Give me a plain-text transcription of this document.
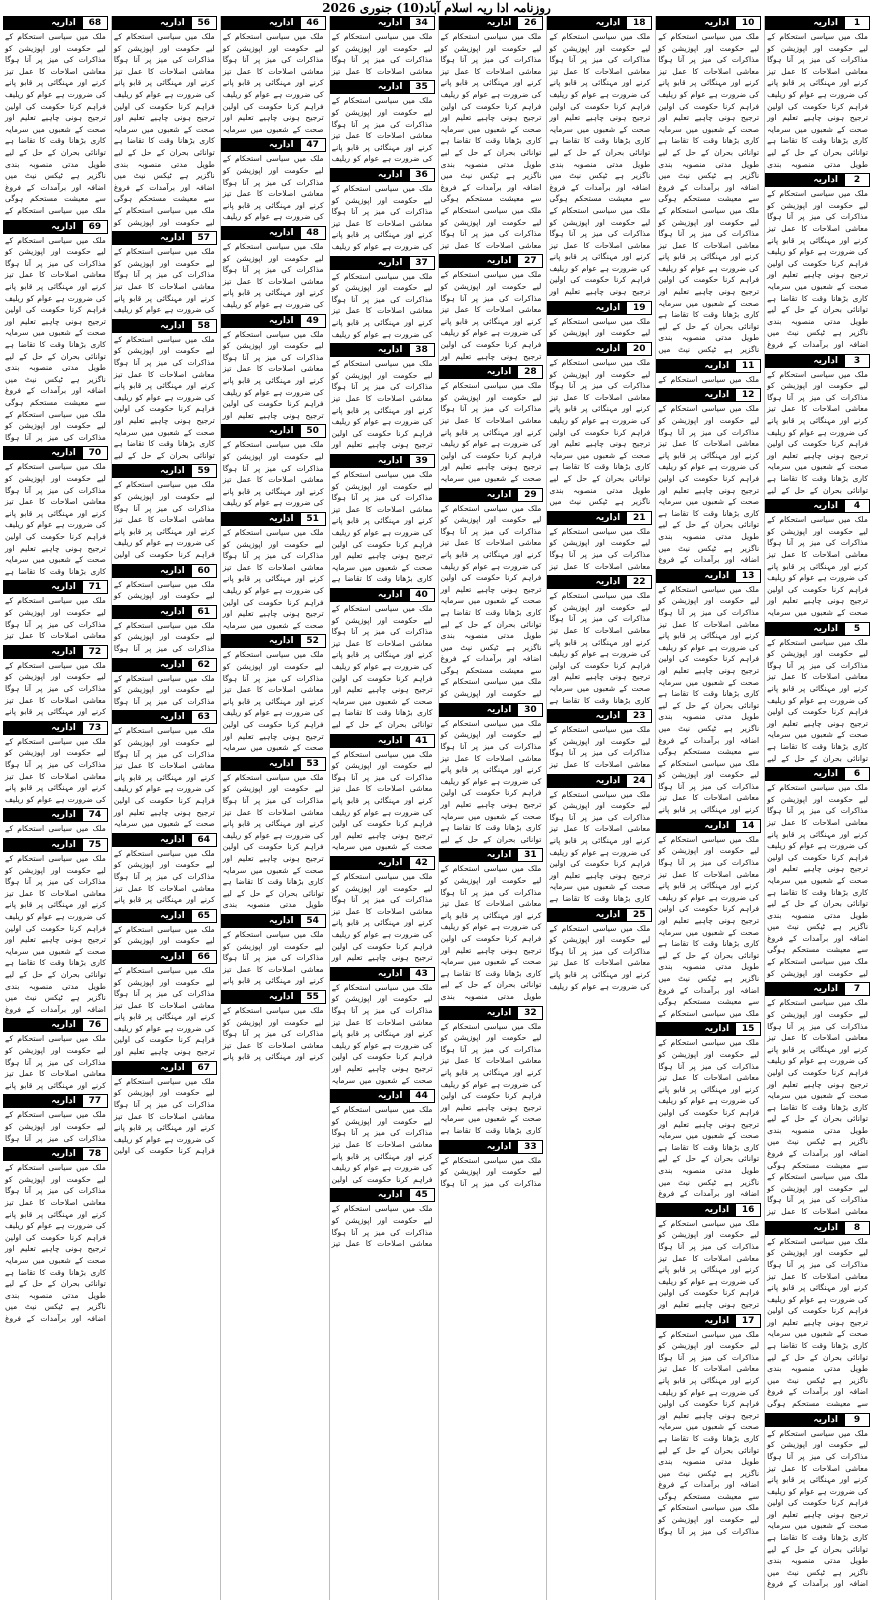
روزنامہ ادا ریہ اسلام آباد(10) جنوری 2026
1
اداریہ
ملک میں سیاسی استحکام کے لیے حکومت اور اپوزیشن کو مذاکرات کی میز پر آنا ہوگا معاشی اصلاحات کا عمل تیز کرنے اور مہنگائی پر قابو پانے کی ضرورت ہے عوام کو ریلیف فراہم کرنا حکومت کی اولین ترجیح ہونی چاہیے تعلیم اور صحت کے شعبوں میں سرمایہ کاری بڑھانا وقت کا تقاضا ہے توانائی بحران کے حل کے لیے طویل مدتی منصوبہ بندی
2
اداریہ
ملک میں سیاسی استحکام کے لیے حکومت اور اپوزیشن کو مذاکرات کی میز پر آنا ہوگا معاشی اصلاحات کا عمل تیز کرنے اور مہنگائی پر قابو پانے کی ضرورت ہے عوام کو ریلیف فراہم کرنا حکومت کی اولین ترجیح ہونی چاہیے تعلیم اور صحت کے شعبوں میں سرمایہ کاری بڑھانا وقت کا تقاضا ہے توانائی بحران کے حل کے لیے طویل مدتی منصوبہ بندی ناگزیر ہے ٹیکس نیٹ میں اضافہ اور برآمدات کے فروغ
3
اداریہ
ملک میں سیاسی استحکام کے لیے حکومت اور اپوزیشن کو مذاکرات کی میز پر آنا ہوگا معاشی اصلاحات کا عمل تیز کرنے اور مہنگائی پر قابو پانے کی ضرورت ہے عوام کو ریلیف فراہم کرنا حکومت کی اولین ترجیح ہونی چاہیے تعلیم اور صحت کے شعبوں میں سرمایہ کاری بڑھانا وقت کا تقاضا ہے توانائی بحران کے حل کے لیے
4
اداریہ
ملک میں سیاسی استحکام کے لیے حکومت اور اپوزیشن کو مذاکرات کی میز پر آنا ہوگا معاشی اصلاحات کا عمل تیز کرنے اور مہنگائی پر قابو پانے کی ضرورت ہے عوام کو ریلیف فراہم کرنا حکومت کی اولین ترجیح ہونی چاہیے تعلیم اور صحت کے شعبوں میں سرمایہ
5
اداریہ
ملک میں سیاسی استحکام کے لیے حکومت اور اپوزیشن کو مذاکرات کی میز پر آنا ہوگا معاشی اصلاحات کا عمل تیز کرنے اور مہنگائی پر قابو پانے کی ضرورت ہے عوام کو ریلیف فراہم کرنا حکومت کی اولین ترجیح ہونی چاہیے تعلیم اور صحت کے شعبوں میں سرمایہ کاری بڑھانا وقت کا تقاضا ہے توانائی بحران کے حل کے لیے
6
اداریہ
ملک میں سیاسی استحکام کے لیے حکومت اور اپوزیشن کو مذاکرات کی میز پر آنا ہوگا معاشی اصلاحات کا عمل تیز کرنے اور مہنگائی پر قابو پانے کی ضرورت ہے عوام کو ریلیف فراہم کرنا حکومت کی اولین ترجیح ہونی چاہیے تعلیم اور صحت کے شعبوں میں سرمایہ کاری بڑھانا وقت کا تقاضا ہے توانائی بحران کے حل کے لیے طویل مدتی منصوبہ بندی ناگزیر ہے ٹیکس نیٹ میں اضافہ اور برآمدات کے فروغ سے معیشت مستحکم ہوگی ملک میں سیاسی استحکام کے لیے حکومت اور اپوزیشن کو
7
اداریہ
ملک میں سیاسی استحکام کے لیے حکومت اور اپوزیشن کو مذاکرات کی میز پر آنا ہوگا معاشی اصلاحات کا عمل تیز کرنے اور مہنگائی پر قابو پانے کی ضرورت ہے عوام کو ریلیف فراہم کرنا حکومت کی اولین ترجیح ہونی چاہیے تعلیم اور صحت کے شعبوں میں سرمایہ کاری بڑھانا وقت کا تقاضا ہے توانائی بحران کے حل کے لیے طویل مدتی منصوبہ بندی ناگزیر ہے ٹیکس نیٹ میں اضافہ اور برآمدات کے فروغ سے معیشت مستحکم ہوگی ملک میں سیاسی استحکام کے لیے حکومت اور اپوزیشن کو مذاکرات کی میز پر آنا ہوگا معاشی اصلاحات کا عمل تیز
8
اداریہ
ملک میں سیاسی استحکام کے لیے حکومت اور اپوزیشن کو مذاکرات کی میز پر آنا ہوگا معاشی اصلاحات کا عمل تیز کرنے اور مہنگائی پر قابو پانے کی ضرورت ہے عوام کو ریلیف فراہم کرنا حکومت کی اولین ترجیح ہونی چاہیے تعلیم اور صحت کے شعبوں میں سرمایہ کاری بڑھانا وقت کا تقاضا ہے توانائی بحران کے حل کے لیے طویل مدتی منصوبہ بندی ناگزیر ہے ٹیکس نیٹ میں اضافہ اور برآمدات کے فروغ سے معیشت مستحکم ہوگی
9
اداریہ
ملک میں سیاسی استحکام کے لیے حکومت اور اپوزیشن کو مذاکرات کی میز پر آنا ہوگا معاشی اصلاحات کا عمل تیز کرنے اور مہنگائی پر قابو پانے کی ضرورت ہے عوام کو ریلیف فراہم کرنا حکومت کی اولین ترجیح ہونی چاہیے تعلیم اور صحت کے شعبوں میں سرمایہ کاری بڑھانا وقت کا تقاضا ہے توانائی بحران کے حل کے لیے طویل مدتی منصوبہ بندی ناگزیر ہے ٹیکس نیٹ میں اضافہ اور برآمدات کے فروغ
10
اداریہ
ملک میں سیاسی استحکام کے لیے حکومت اور اپوزیشن کو مذاکرات کی میز پر آنا ہوگا معاشی اصلاحات کا عمل تیز کرنے اور مہنگائی پر قابو پانے کی ضرورت ہے عوام کو ریلیف فراہم کرنا حکومت کی اولین ترجیح ہونی چاہیے تعلیم اور صحت کے شعبوں میں سرمایہ کاری بڑھانا وقت کا تقاضا ہے توانائی بحران کے حل کے لیے طویل مدتی منصوبہ بندی ناگزیر ہے ٹیکس نیٹ میں اضافہ اور برآمدات کے فروغ سے معیشت مستحکم ہوگی ملک میں سیاسی استحکام کے لیے حکومت اور اپوزیشن کو مذاکرات کی میز پر آنا ہوگا معاشی اصلاحات کا عمل تیز کرنے اور مہنگائی پر قابو پانے کی ضرورت ہے عوام کو ریلیف فراہم کرنا حکومت کی اولین ترجیح ہونی چاہیے تعلیم اور صحت کے شعبوں میں سرمایہ کاری بڑھانا وقت کا تقاضا ہے توانائی بحران کے حل کے لیے طویل مدتی منصوبہ بندی ناگزیر ہے ٹیکس نیٹ میں
11
اداریہ
ملک میں سیاسی استحکام کے
12
اداریہ
ملک میں سیاسی استحکام کے لیے حکومت اور اپوزیشن کو مذاکرات کی میز پر آنا ہوگا معاشی اصلاحات کا عمل تیز کرنے اور مہنگائی پر قابو پانے کی ضرورت ہے عوام کو ریلیف فراہم کرنا حکومت کی اولین ترجیح ہونی چاہیے تعلیم اور صحت کے شعبوں میں سرمایہ کاری بڑھانا وقت کا تقاضا ہے توانائی بحران کے حل کے لیے طویل مدتی منصوبہ بندی ناگزیر ہے ٹیکس نیٹ میں اضافہ اور برآمدات کے فروغ
13
اداریہ
ملک میں سیاسی استحکام کے لیے حکومت اور اپوزیشن کو مذاکرات کی میز پر آنا ہوگا معاشی اصلاحات کا عمل تیز کرنے اور مہنگائی پر قابو پانے کی ضرورت ہے عوام کو ریلیف فراہم کرنا حکومت کی اولین ترجیح ہونی چاہیے تعلیم اور صحت کے شعبوں میں سرمایہ کاری بڑھانا وقت کا تقاضا ہے توانائی بحران کے حل کے لیے طویل مدتی منصوبہ بندی ناگزیر ہے ٹیکس نیٹ میں اضافہ اور برآمدات کے فروغ سے معیشت مستحکم ہوگی ملک میں سیاسی استحکام کے لیے حکومت اور اپوزیشن کو مذاکرات کی میز پر آنا ہوگا معاشی اصلاحات کا عمل تیز کرنے اور مہنگائی پر قابو پانے
14
اداریہ
ملک میں سیاسی استحکام کے لیے حکومت اور اپوزیشن کو مذاکرات کی میز پر آنا ہوگا معاشی اصلاحات کا عمل تیز کرنے اور مہنگائی پر قابو پانے کی ضرورت ہے عوام کو ریلیف فراہم کرنا حکومت کی اولین ترجیح ہونی چاہیے تعلیم اور صحت کے شعبوں میں سرمایہ کاری بڑھانا وقت کا تقاضا ہے توانائی بحران کے حل کے لیے طویل مدتی منصوبہ بندی ناگزیر ہے ٹیکس نیٹ میں اضافہ اور برآمدات کے فروغ سے معیشت مستحکم ہوگی ملک میں سیاسی استحکام کے
15
اداریہ
ملک میں سیاسی استحکام کے لیے حکومت اور اپوزیشن کو مذاکرات کی میز پر آنا ہوگا معاشی اصلاحات کا عمل تیز کرنے اور مہنگائی پر قابو پانے کی ضرورت ہے عوام کو ریلیف فراہم کرنا حکومت کی اولین ترجیح ہونی چاہیے تعلیم اور صحت کے شعبوں میں سرمایہ کاری بڑھانا وقت کا تقاضا ہے توانائی بحران کے حل کے لیے طویل مدتی منصوبہ بندی ناگزیر ہے ٹیکس نیٹ میں اضافہ اور برآمدات کے فروغ
16
اداریہ
ملک میں سیاسی استحکام کے لیے حکومت اور اپوزیشن کو مذاکرات کی میز پر آنا ہوگا معاشی اصلاحات کا عمل تیز کرنے اور مہنگائی پر قابو پانے کی ضرورت ہے عوام کو ریلیف فراہم کرنا حکومت کی اولین ترجیح ہونی چاہیے تعلیم اور
17
اداریہ
ملک میں سیاسی استحکام کے لیے حکومت اور اپوزیشن کو مذاکرات کی میز پر آنا ہوگا معاشی اصلاحات کا عمل تیز کرنے اور مہنگائی پر قابو پانے کی ضرورت ہے عوام کو ریلیف فراہم کرنا حکومت کی اولین ترجیح ہونی چاہیے تعلیم اور صحت کے شعبوں میں سرمایہ کاری بڑھانا وقت کا تقاضا ہے توانائی بحران کے حل کے لیے طویل مدتی منصوبہ بندی ناگزیر ہے ٹیکس نیٹ میں اضافہ اور برآمدات کے فروغ سے معیشت مستحکم ہوگی ملک میں سیاسی استحکام کے لیے حکومت اور اپوزیشن کو مذاکرات کی میز پر آنا ہوگا
18
اداریہ
ملک میں سیاسی استحکام کے لیے حکومت اور اپوزیشن کو مذاکرات کی میز پر آنا ہوگا معاشی اصلاحات کا عمل تیز کرنے اور مہنگائی پر قابو پانے کی ضرورت ہے عوام کو ریلیف فراہم کرنا حکومت کی اولین ترجیح ہونی چاہیے تعلیم اور صحت کے شعبوں میں سرمایہ کاری بڑھانا وقت کا تقاضا ہے توانائی بحران کے حل کے لیے طویل مدتی منصوبہ بندی ناگزیر ہے ٹیکس نیٹ میں اضافہ اور برآمدات کے فروغ سے معیشت مستحکم ہوگی ملک میں سیاسی استحکام کے لیے حکومت اور اپوزیشن کو مذاکرات کی میز پر آنا ہوگا معاشی اصلاحات کا عمل تیز کرنے اور مہنگائی پر قابو پانے کی ضرورت ہے عوام کو ریلیف فراہم کرنا حکومت کی اولین ترجیح ہونی چاہیے تعلیم اور
19
اداریہ
ملک میں سیاسی استحکام کے لیے حکومت اور اپوزیشن کو
20
اداریہ
ملک میں سیاسی استحکام کے لیے حکومت اور اپوزیشن کو مذاکرات کی میز پر آنا ہوگا معاشی اصلاحات کا عمل تیز کرنے اور مہنگائی پر قابو پانے کی ضرورت ہے عوام کو ریلیف فراہم کرنا حکومت کی اولین ترجیح ہونی چاہیے تعلیم اور صحت کے شعبوں میں سرمایہ کاری بڑھانا وقت کا تقاضا ہے توانائی بحران کے حل کے لیے طویل مدتی منصوبہ بندی ناگزیر ہے ٹیکس نیٹ میں
21
اداریہ
ملک میں سیاسی استحکام کے لیے حکومت اور اپوزیشن کو مذاکرات کی میز پر آنا ہوگا معاشی اصلاحات کا عمل تیز
22
اداریہ
ملک میں سیاسی استحکام کے لیے حکومت اور اپوزیشن کو مذاکرات کی میز پر آنا ہوگا معاشی اصلاحات کا عمل تیز کرنے اور مہنگائی پر قابو پانے کی ضرورت ہے عوام کو ریلیف فراہم کرنا حکومت کی اولین ترجیح ہونی چاہیے تعلیم اور صحت کے شعبوں میں سرمایہ کاری بڑھانا وقت کا تقاضا ہے
23
اداریہ
ملک میں سیاسی استحکام کے لیے حکومت اور اپوزیشن کو مذاکرات کی میز پر آنا ہوگا معاشی اصلاحات کا عمل تیز
24
اداریہ
ملک میں سیاسی استحکام کے لیے حکومت اور اپوزیشن کو مذاکرات کی میز پر آنا ہوگا معاشی اصلاحات کا عمل تیز کرنے اور مہنگائی پر قابو پانے کی ضرورت ہے عوام کو ریلیف فراہم کرنا حکومت کی اولین ترجیح ہونی چاہیے تعلیم اور صحت کے شعبوں میں سرمایہ کاری بڑھانا وقت کا تقاضا ہے
25
اداریہ
ملک میں سیاسی استحکام کے لیے حکومت اور اپوزیشن کو مذاکرات کی میز پر آنا ہوگا معاشی اصلاحات کا عمل تیز کرنے اور مہنگائی پر قابو پانے کی ضرورت ہے عوام کو ریلیف
26
اداریہ
ملک میں سیاسی استحکام کے لیے حکومت اور اپوزیشن کو مذاکرات کی میز پر آنا ہوگا معاشی اصلاحات کا عمل تیز کرنے اور مہنگائی پر قابو پانے کی ضرورت ہے عوام کو ریلیف فراہم کرنا حکومت کی اولین ترجیح ہونی چاہیے تعلیم اور صحت کے شعبوں میں سرمایہ کاری بڑھانا وقت کا تقاضا ہے توانائی بحران کے حل کے لیے طویل مدتی منصوبہ بندی ناگزیر ہے ٹیکس نیٹ میں اضافہ اور برآمدات کے فروغ سے معیشت مستحکم ہوگی ملک میں سیاسی استحکام کے لیے حکومت اور اپوزیشن کو مذاکرات کی میز پر آنا ہوگا معاشی اصلاحات کا عمل تیز
27
اداریہ
ملک میں سیاسی استحکام کے لیے حکومت اور اپوزیشن کو مذاکرات کی میز پر آنا ہوگا معاشی اصلاحات کا عمل تیز کرنے اور مہنگائی پر قابو پانے کی ضرورت ہے عوام کو ریلیف فراہم کرنا حکومت کی اولین ترجیح ہونی چاہیے تعلیم اور
28
اداریہ
ملک میں سیاسی استحکام کے لیے حکومت اور اپوزیشن کو مذاکرات کی میز پر آنا ہوگا معاشی اصلاحات کا عمل تیز کرنے اور مہنگائی پر قابو پانے کی ضرورت ہے عوام کو ریلیف فراہم کرنا حکومت کی اولین ترجیح ہونی چاہیے تعلیم اور صحت کے شعبوں میں سرمایہ
29
اداریہ
ملک میں سیاسی استحکام کے لیے حکومت اور اپوزیشن کو مذاکرات کی میز پر آنا ہوگا معاشی اصلاحات کا عمل تیز کرنے اور مہنگائی پر قابو پانے کی ضرورت ہے عوام کو ریلیف فراہم کرنا حکومت کی اولین ترجیح ہونی چاہیے تعلیم اور صحت کے شعبوں میں سرمایہ کاری بڑھانا وقت کا تقاضا ہے توانائی بحران کے حل کے لیے طویل مدتی منصوبہ بندی ناگزیر ہے ٹیکس نیٹ میں اضافہ اور برآمدات کے فروغ سے معیشت مستحکم ہوگی ملک میں سیاسی استحکام کے لیے حکومت اور اپوزیشن کو
30
اداریہ
ملک میں سیاسی استحکام کے لیے حکومت اور اپوزیشن کو مذاکرات کی میز پر آنا ہوگا معاشی اصلاحات کا عمل تیز کرنے اور مہنگائی پر قابو پانے کی ضرورت ہے عوام کو ریلیف فراہم کرنا حکومت کی اولین ترجیح ہونی چاہیے تعلیم اور صحت کے شعبوں میں سرمایہ کاری بڑھانا وقت کا تقاضا ہے توانائی بحران کے حل کے لیے
31
اداریہ
ملک میں سیاسی استحکام کے لیے حکومت اور اپوزیشن کو مذاکرات کی میز پر آنا ہوگا معاشی اصلاحات کا عمل تیز کرنے اور مہنگائی پر قابو پانے کی ضرورت ہے عوام کو ریلیف فراہم کرنا حکومت کی اولین ترجیح ہونی چاہیے تعلیم اور صحت کے شعبوں میں سرمایہ کاری بڑھانا وقت کا تقاضا ہے توانائی بحران کے حل کے لیے طویل مدتی منصوبہ بندی
32
اداریہ
ملک میں سیاسی استحکام کے لیے حکومت اور اپوزیشن کو مذاکرات کی میز پر آنا ہوگا معاشی اصلاحات کا عمل تیز کرنے اور مہنگائی پر قابو پانے کی ضرورت ہے عوام کو ریلیف فراہم کرنا حکومت کی اولین ترجیح ہونی چاہیے تعلیم اور صحت کے شعبوں میں سرمایہ کاری بڑھانا وقت کا تقاضا ہے
33
اداریہ
ملک میں سیاسی استحکام کے لیے حکومت اور اپوزیشن کو مذاکرات کی میز پر آنا ہوگا
34
اداریہ
ملک میں سیاسی استحکام کے لیے حکومت اور اپوزیشن کو مذاکرات کی میز پر آنا ہوگا معاشی اصلاحات کا عمل تیز
35
اداریہ
ملک میں سیاسی استحکام کے لیے حکومت اور اپوزیشن کو مذاکرات کی میز پر آنا ہوگا معاشی اصلاحات کا عمل تیز کرنے اور مہنگائی پر قابو پانے کی ضرورت ہے عوام کو ریلیف
36
اداریہ
ملک میں سیاسی استحکام کے لیے حکومت اور اپوزیشن کو مذاکرات کی میز پر آنا ہوگا معاشی اصلاحات کا عمل تیز کرنے اور مہنگائی پر قابو پانے کی ضرورت ہے عوام کو ریلیف
37
اداریہ
ملک میں سیاسی استحکام کے لیے حکومت اور اپوزیشن کو مذاکرات کی میز پر آنا ہوگا معاشی اصلاحات کا عمل تیز کرنے اور مہنگائی پر قابو پانے کی ضرورت ہے عوام کو ریلیف
38
اداریہ
ملک میں سیاسی استحکام کے لیے حکومت اور اپوزیشن کو مذاکرات کی میز پر آنا ہوگا معاشی اصلاحات کا عمل تیز کرنے اور مہنگائی پر قابو پانے کی ضرورت ہے عوام کو ریلیف فراہم کرنا حکومت کی اولین ترجیح ہونی چاہیے تعلیم اور
39
اداریہ
ملک میں سیاسی استحکام کے لیے حکومت اور اپوزیشن کو مذاکرات کی میز پر آنا ہوگا معاشی اصلاحات کا عمل تیز کرنے اور مہنگائی پر قابو پانے کی ضرورت ہے عوام کو ریلیف فراہم کرنا حکومت کی اولین ترجیح ہونی چاہیے تعلیم اور صحت کے شعبوں میں سرمایہ کاری بڑھانا وقت کا تقاضا ہے
40
اداریہ
ملک میں سیاسی استحکام کے لیے حکومت اور اپوزیشن کو مذاکرات کی میز پر آنا ہوگا معاشی اصلاحات کا عمل تیز کرنے اور مہنگائی پر قابو پانے کی ضرورت ہے عوام کو ریلیف فراہم کرنا حکومت کی اولین ترجیح ہونی چاہیے تعلیم اور صحت کے شعبوں میں سرمایہ کاری بڑھانا وقت کا تقاضا ہے توانائی بحران کے حل کے لیے
41
اداریہ
ملک میں سیاسی استحکام کے لیے حکومت اور اپوزیشن کو مذاکرات کی میز پر آنا ہوگا معاشی اصلاحات کا عمل تیز کرنے اور مہنگائی پر قابو پانے کی ضرورت ہے عوام کو ریلیف فراہم کرنا حکومت کی اولین ترجیح ہونی چاہیے تعلیم اور صحت کے شعبوں میں سرمایہ
42
اداریہ
ملک میں سیاسی استحکام کے لیے حکومت اور اپوزیشن کو مذاکرات کی میز پر آنا ہوگا معاشی اصلاحات کا عمل تیز کرنے اور مہنگائی پر قابو پانے کی ضرورت ہے عوام کو ریلیف فراہم کرنا حکومت کی اولین ترجیح ہونی چاہیے تعلیم اور
43
اداریہ
ملک میں سیاسی استحکام کے لیے حکومت اور اپوزیشن کو مذاکرات کی میز پر آنا ہوگا معاشی اصلاحات کا عمل تیز کرنے اور مہنگائی پر قابو پانے کی ضرورت ہے عوام کو ریلیف فراہم کرنا حکومت کی اولین ترجیح ہونی چاہیے تعلیم اور صحت کے شعبوں میں سرمایہ
44
اداریہ
ملک میں سیاسی استحکام کے لیے حکومت اور اپوزیشن کو مذاکرات کی میز پر آنا ہوگا معاشی اصلاحات کا عمل تیز کرنے اور مہنگائی پر قابو پانے کی ضرورت ہے عوام کو ریلیف فراہم کرنا حکومت کی اولین
45
اداریہ
ملک میں سیاسی استحکام کے لیے حکومت اور اپوزیشن کو مذاکرات کی میز پر آنا ہوگا معاشی اصلاحات کا عمل تیز
46
اداریہ
ملک میں سیاسی استحکام کے لیے حکومت اور اپوزیشن کو مذاکرات کی میز پر آنا ہوگا معاشی اصلاحات کا عمل تیز کرنے اور مہنگائی پر قابو پانے کی ضرورت ہے عوام کو ریلیف فراہم کرنا حکومت کی اولین ترجیح ہونی چاہیے تعلیم اور صحت کے شعبوں میں سرمایہ
47
اداریہ
ملک میں سیاسی استحکام کے لیے حکومت اور اپوزیشن کو مذاکرات کی میز پر آنا ہوگا معاشی اصلاحات کا عمل تیز کرنے اور مہنگائی پر قابو پانے کی ضرورت ہے عوام کو ریلیف
48
اداریہ
ملک میں سیاسی استحکام کے لیے حکومت اور اپوزیشن کو مذاکرات کی میز پر آنا ہوگا معاشی اصلاحات کا عمل تیز کرنے اور مہنگائی پر قابو پانے کی ضرورت ہے عوام کو ریلیف
49
اداریہ
ملک میں سیاسی استحکام کے لیے حکومت اور اپوزیشن کو مذاکرات کی میز پر آنا ہوگا معاشی اصلاحات کا عمل تیز کرنے اور مہنگائی پر قابو پانے کی ضرورت ہے عوام کو ریلیف فراہم کرنا حکومت کی اولین ترجیح ہونی چاہیے تعلیم اور
50
اداریہ
ملک میں سیاسی استحکام کے لیے حکومت اور اپوزیشن کو مذاکرات کی میز پر آنا ہوگا معاشی اصلاحات کا عمل تیز کرنے اور مہنگائی پر قابو پانے کی ضرورت ہے عوام کو ریلیف
51
اداریہ
ملک میں سیاسی استحکام کے لیے حکومت اور اپوزیشن کو مذاکرات کی میز پر آنا ہوگا معاشی اصلاحات کا عمل تیز کرنے اور مہنگائی پر قابو پانے کی ضرورت ہے عوام کو ریلیف فراہم کرنا حکومت کی اولین ترجیح ہونی چاہیے تعلیم اور صحت کے شعبوں میں سرمایہ
52
اداریہ
ملک میں سیاسی استحکام کے لیے حکومت اور اپوزیشن کو مذاکرات کی میز پر آنا ہوگا معاشی اصلاحات کا عمل تیز کرنے اور مہنگائی پر قابو پانے کی ضرورت ہے عوام کو ریلیف فراہم کرنا حکومت کی اولین ترجیح ہونی چاہیے تعلیم اور صحت کے شعبوں میں سرمایہ
53
اداریہ
ملک میں سیاسی استحکام کے لیے حکومت اور اپوزیشن کو مذاکرات کی میز پر آنا ہوگا معاشی اصلاحات کا عمل تیز کرنے اور مہنگائی پر قابو پانے کی ضرورت ہے عوام کو ریلیف فراہم کرنا حکومت کی اولین ترجیح ہونی چاہیے تعلیم اور صحت کے شعبوں میں سرمایہ کاری بڑھانا وقت کا تقاضا ہے توانائی بحران کے حل کے لیے طویل مدتی منصوبہ بندی
54
اداریہ
ملک میں سیاسی استحکام کے لیے حکومت اور اپوزیشن کو مذاکرات کی میز پر آنا ہوگا معاشی اصلاحات کا عمل تیز کرنے اور مہنگائی پر قابو پانے
55
اداریہ
ملک میں سیاسی استحکام کے لیے حکومت اور اپوزیشن کو مذاکرات کی میز پر آنا ہوگا معاشی اصلاحات کا عمل تیز کرنے اور مہنگائی پر قابو پانے
56
اداریہ
ملک میں سیاسی استحکام کے لیے حکومت اور اپوزیشن کو مذاکرات کی میز پر آنا ہوگا معاشی اصلاحات کا عمل تیز کرنے اور مہنگائی پر قابو پانے کی ضرورت ہے عوام کو ریلیف فراہم کرنا حکومت کی اولین ترجیح ہونی چاہیے تعلیم اور صحت کے شعبوں میں سرمایہ کاری بڑھانا وقت کا تقاضا ہے توانائی بحران کے حل کے لیے طویل مدتی منصوبہ بندی ناگزیر ہے ٹیکس نیٹ میں اضافہ اور برآمدات کے فروغ سے معیشت مستحکم ہوگی ملک میں سیاسی استحکام کے لیے حکومت اور اپوزیشن کو
57
اداریہ
ملک میں سیاسی استحکام کے لیے حکومت اور اپوزیشن کو مذاکرات کی میز پر آنا ہوگا معاشی اصلاحات کا عمل تیز کرنے اور مہنگائی پر قابو پانے کی ضرورت ہے عوام کو ریلیف
58
اداریہ
ملک میں سیاسی استحکام کے لیے حکومت اور اپوزیشن کو مذاکرات کی میز پر آنا ہوگا معاشی اصلاحات کا عمل تیز کرنے اور مہنگائی پر قابو پانے کی ضرورت ہے عوام کو ریلیف فراہم کرنا حکومت کی اولین ترجیح ہونی چاہیے تعلیم اور صحت کے شعبوں میں سرمایہ کاری بڑھانا وقت کا تقاضا ہے توانائی بحران کے حل کے لیے
59
اداریہ
ملک میں سیاسی استحکام کے لیے حکومت اور اپوزیشن کو مذاکرات کی میز پر آنا ہوگا معاشی اصلاحات کا عمل تیز کرنے اور مہنگائی پر قابو پانے کی ضرورت ہے عوام کو ریلیف فراہم کرنا حکومت کی اولین
60
اداریہ
ملک میں سیاسی استحکام کے لیے حکومت اور اپوزیشن کو
61
اداریہ
ملک میں سیاسی استحکام کے لیے حکومت اور اپوزیشن کو مذاکرات کی میز پر آنا ہوگا
62
اداریہ
ملک میں سیاسی استحکام کے لیے حکومت اور اپوزیشن کو مذاکرات کی میز پر آنا ہوگا
63
اداریہ
ملک میں سیاسی استحکام کے لیے حکومت اور اپوزیشن کو مذاکرات کی میز پر آنا ہوگا معاشی اصلاحات کا عمل تیز کرنے اور مہنگائی پر قابو پانے کی ضرورت ہے عوام کو ریلیف فراہم کرنا حکومت کی اولین ترجیح ہونی چاہیے تعلیم اور صحت کے شعبوں میں سرمایہ
64
اداریہ
ملک میں سیاسی استحکام کے لیے حکومت اور اپوزیشن کو مذاکرات کی میز پر آنا ہوگا معاشی اصلاحات کا عمل تیز کرنے اور مہنگائی پر قابو پانے
65
اداریہ
ملک میں سیاسی استحکام کے لیے حکومت اور اپوزیشن کو
66
اداریہ
ملک میں سیاسی استحکام کے لیے حکومت اور اپوزیشن کو مذاکرات کی میز پر آنا ہوگا معاشی اصلاحات کا عمل تیز کرنے اور مہنگائی پر قابو پانے کی ضرورت ہے عوام کو ریلیف فراہم کرنا حکومت کی اولین ترجیح ہونی چاہیے تعلیم اور
67
اداریہ
ملک میں سیاسی استحکام کے لیے حکومت اور اپوزیشن کو مذاکرات کی میز پر آنا ہوگا معاشی اصلاحات کا عمل تیز کرنے اور مہنگائی پر قابو پانے کی ضرورت ہے عوام کو ریلیف فراہم کرنا حکومت کی اولین
68
اداریہ
ملک میں سیاسی استحکام کے لیے حکومت اور اپوزیشن کو مذاکرات کی میز پر آنا ہوگا معاشی اصلاحات کا عمل تیز کرنے اور مہنگائی پر قابو پانے کی ضرورت ہے عوام کو ریلیف فراہم کرنا حکومت کی اولین ترجیح ہونی چاہیے تعلیم اور صحت کے شعبوں میں سرمایہ کاری بڑھانا وقت کا تقاضا ہے توانائی بحران کے حل کے لیے طویل مدتی منصوبہ بندی ناگزیر ہے ٹیکس نیٹ میں اضافہ اور برآمدات کے فروغ سے معیشت مستحکم ہوگی ملک میں سیاسی استحکام کے
69
اداریہ
ملک میں سیاسی استحکام کے لیے حکومت اور اپوزیشن کو مذاکرات کی میز پر آنا ہوگا معاشی اصلاحات کا عمل تیز کرنے اور مہنگائی پر قابو پانے کی ضرورت ہے عوام کو ریلیف فراہم کرنا حکومت کی اولین ترجیح ہونی چاہیے تعلیم اور صحت کے شعبوں میں سرمایہ کاری بڑھانا وقت کا تقاضا ہے توانائی بحران کے حل کے لیے طویل مدتی منصوبہ بندی ناگزیر ہے ٹیکس نیٹ میں اضافہ اور برآمدات کے فروغ سے معیشت مستحکم ہوگی ملک میں سیاسی استحکام کے لیے حکومت اور اپوزیشن کو مذاکرات کی میز پر آنا ہوگا
70
اداریہ
ملک میں سیاسی استحکام کے لیے حکومت اور اپوزیشن کو مذاکرات کی میز پر آنا ہوگا معاشی اصلاحات کا عمل تیز کرنے اور مہنگائی پر قابو پانے کی ضرورت ہے عوام کو ریلیف فراہم کرنا حکومت کی اولین ترجیح ہونی چاہیے تعلیم اور صحت کے شعبوں میں سرمایہ کاری بڑھانا وقت کا تقاضا ہے
71
اداریہ
ملک میں سیاسی استحکام کے لیے حکومت اور اپوزیشن کو مذاکرات کی میز پر آنا ہوگا معاشی اصلاحات کا عمل تیز
72
اداریہ
ملک میں سیاسی استحکام کے لیے حکومت اور اپوزیشن کو مذاکرات کی میز پر آنا ہوگا معاشی اصلاحات کا عمل تیز کرنے اور مہنگائی پر قابو پانے
73
اداریہ
ملک میں سیاسی استحکام کے لیے حکومت اور اپوزیشن کو مذاکرات کی میز پر آنا ہوگا معاشی اصلاحات کا عمل تیز کرنے اور مہنگائی پر قابو پانے کی ضرورت ہے عوام کو ریلیف
74
اداریہ
ملک میں سیاسی استحکام کے
75
اداریہ
ملک میں سیاسی استحکام کے لیے حکومت اور اپوزیشن کو مذاکرات کی میز پر آنا ہوگا معاشی اصلاحات کا عمل تیز کرنے اور مہنگائی پر قابو پانے کی ضرورت ہے عوام کو ریلیف فراہم کرنا حکومت کی اولین ترجیح ہونی چاہیے تعلیم اور صحت کے شعبوں میں سرمایہ کاری بڑھانا وقت کا تقاضا ہے توانائی بحران کے حل کے لیے طویل مدتی منصوبہ بندی ناگزیر ہے ٹیکس نیٹ میں اضافہ اور برآمدات کے فروغ
76
اداریہ
ملک میں سیاسی استحکام کے لیے حکومت اور اپوزیشن کو مذاکرات کی میز پر آنا ہوگا معاشی اصلاحات کا عمل تیز کرنے اور مہنگائی پر قابو پانے
77
اداریہ
ملک میں سیاسی استحکام کے لیے حکومت اور اپوزیشن کو مذاکرات کی میز پر آنا ہوگا
78
اداریہ
ملک میں سیاسی استحکام کے لیے حکومت اور اپوزیشن کو مذاکرات کی میز پر آنا ہوگا معاشی اصلاحات کا عمل تیز کرنے اور مہنگائی پر قابو پانے کی ضرورت ہے عوام کو ریلیف فراہم کرنا حکومت کی اولین ترجیح ہونی چاہیے تعلیم اور صحت کے شعبوں میں سرمایہ کاری بڑھانا وقت کا تقاضا ہے توانائی بحران کے حل کے لیے طویل مدتی منصوبہ بندی ناگزیر ہے ٹیکس نیٹ میں اضافہ اور برآمدات کے فروغ
